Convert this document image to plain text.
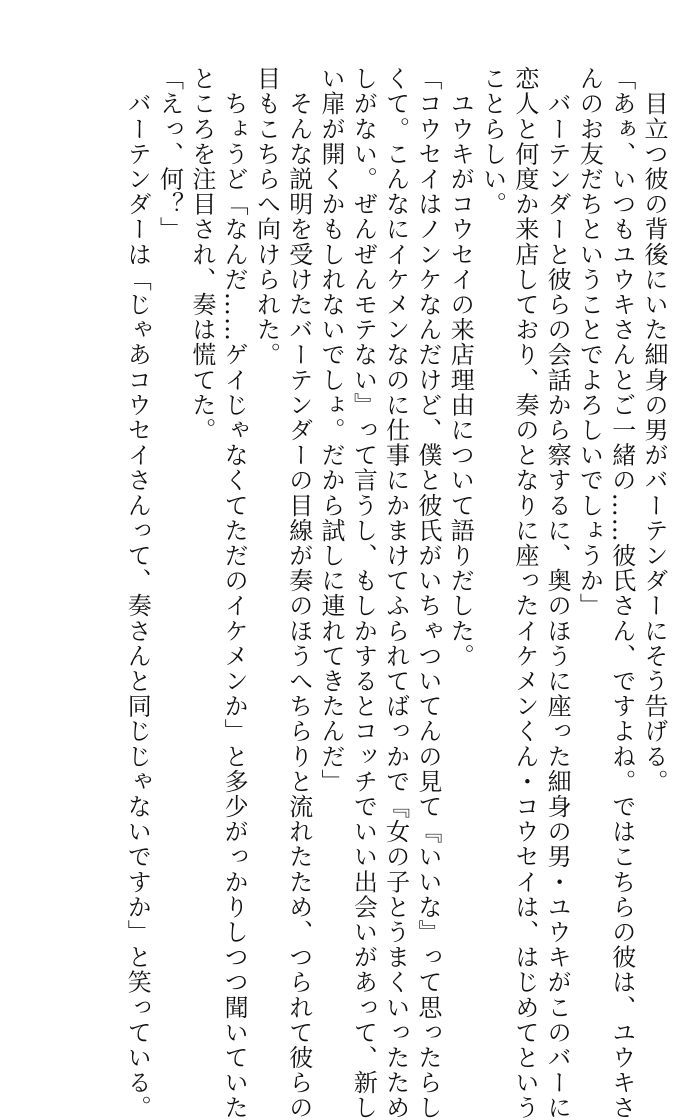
　目立つ彼の背後にいた細身の男がバーテンダーにそう告げる。
「あぁ、いつもユウキさんとご一緒の……彼氏さん、ですよね。ではこちらの彼は、ユウキさ
んのお友だちということでよろしいでしょうか」
　バーテンダーと彼らの会話から察するに、奥のほうに座った細身の男・ユウキがこのバーに
恋人と何度か来店しており、奏のとなりに座ったイケメンくん・コウセイは、はじめてという
ことらしい。
　ユウキがコウセイの来店理由について語りだした。
「コウセイはノンケなんだけど、僕と彼氏がいちゃついてんの見て『いいな』って思ったらし
くて。こんなにイケメンなのに仕事にかまけてふられてばっかで『女の子とうまくいったため
しがない。ぜんぜんモテない』って言うし、もしかするとコッチでいい出会いがあって、新し
い扉が開くかもしれないでしょ。だから試しに連れてきたんだ」
　そんな説明を受けたバーテンダーの目線が奏のほうへちらりと流れたため、つられて彼らの
目もこちらへ向けられた。
　ちょうど「なんだ……ゲイじゃなくてただのイケメンか」と多少がっかりしつつ聞いていた
ところを注目され、奏は慌てた。
「えっ、何？」
　バーテンダーは「じゃあコウセイさんって、奏さんと同じじゃないですか」と笑っている。
